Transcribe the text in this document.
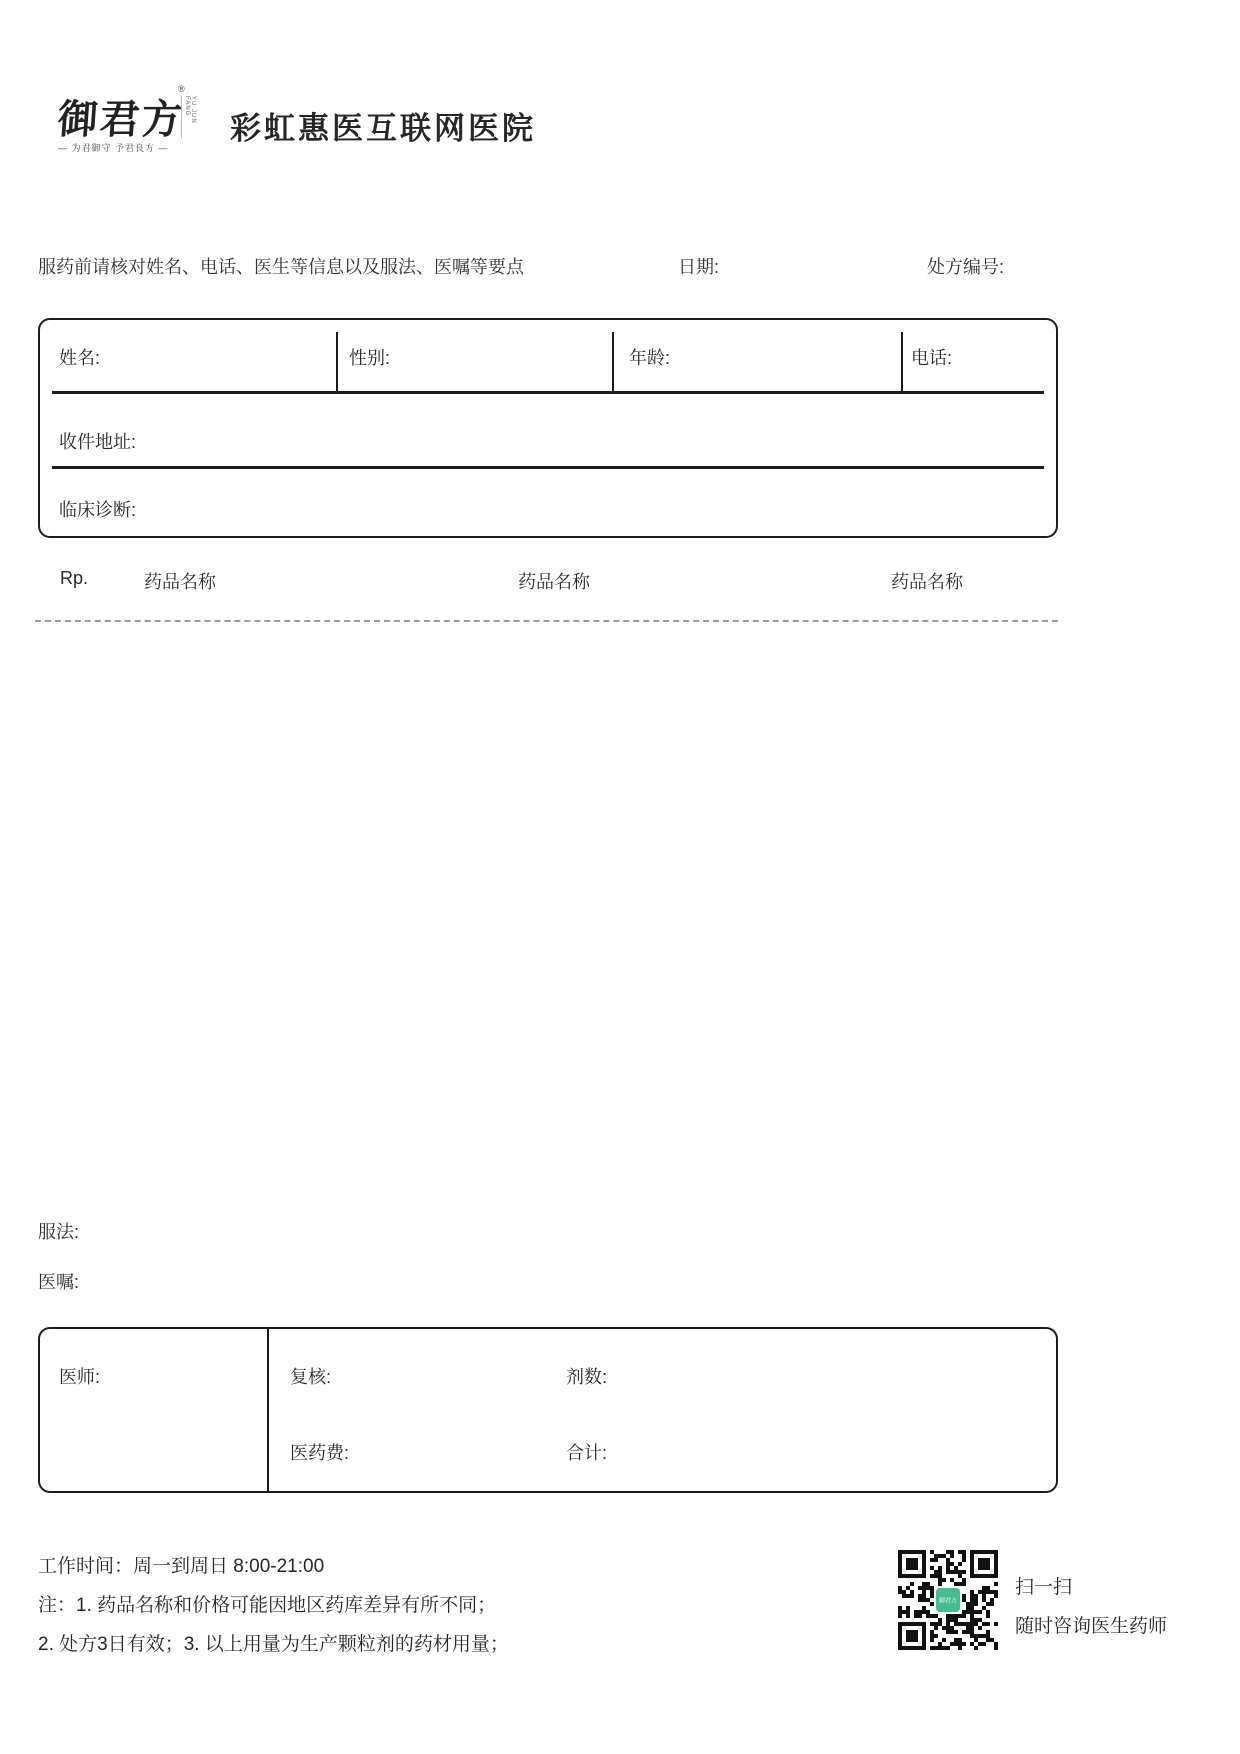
御君方
®
YU JUN FANG
— 为君御守 予君良方 —
彩虹惠医互联网医院
服药前请核对姓名、电话、医生等信息以及服法、医嘱等要点	日期:	处方编号:
姓名:	性别:	年龄:	电话:
收件地址:
临床诊断:
Rp.	药品名称	药品名称	药品名称
服法:
医嘱:
医师:	复核:	剂数:
医药费:	合计:
工作时间：周一到周日 8:00-21:00
注：1. 药品名称和价格可能因地区药库差异有所不同；
2. 处方3日有效；3. 以上用量为生产颗粒剂的药材用量；
御君方
扫一扫
随时咨询医生药师
